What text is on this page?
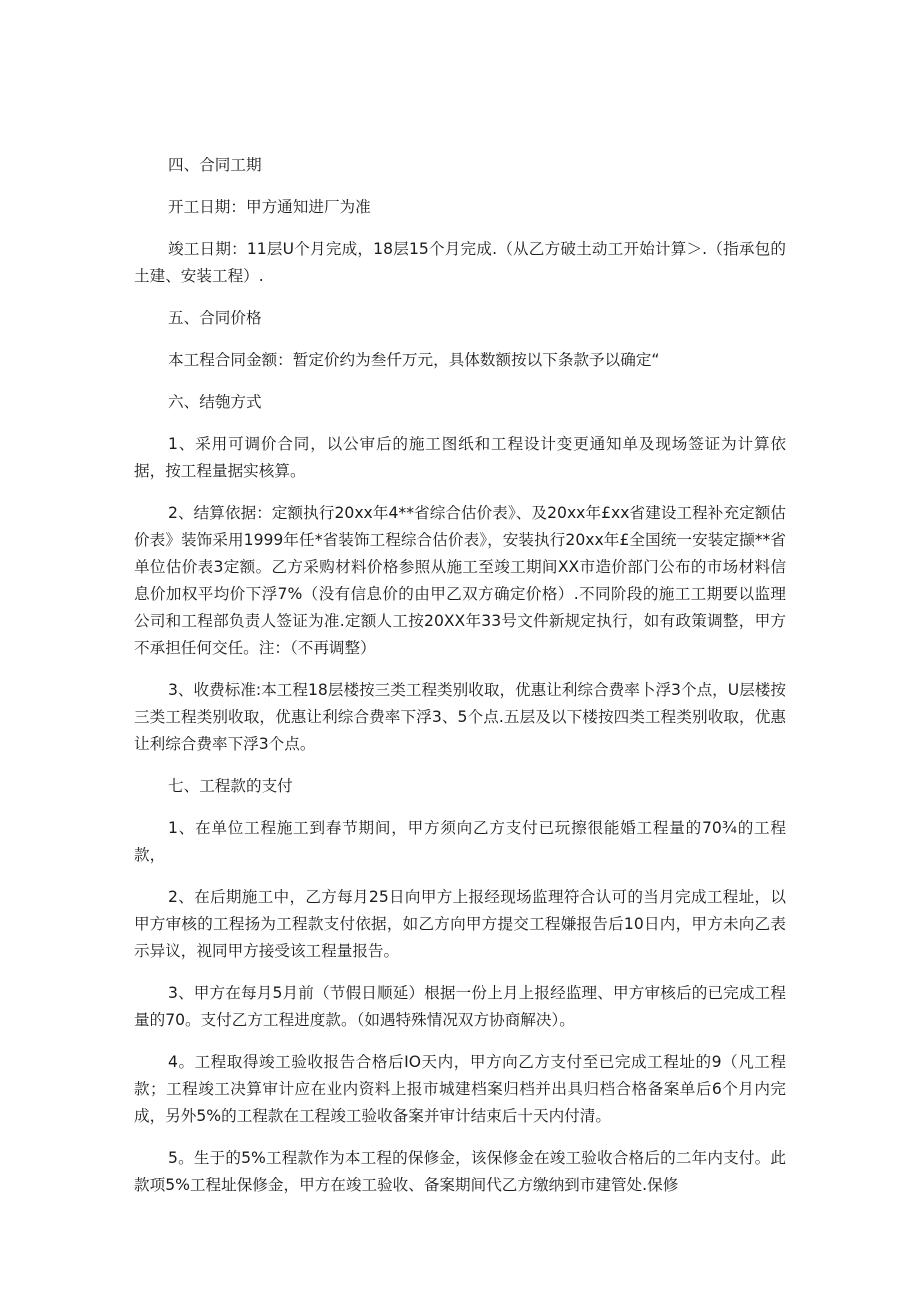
四、合同工期

开工日期：甲方通知进厂为准

竣工日期：11层U个月完成，18层15个月完成.（从乙方破土动工开始计算＞.（指承包的土建、安装工程）.

五、合同价格

本工程合同金额：暂定价约为叁仟万元，具体数额按以下条款予以确定“

六、结匏方式

1、采用可调价合同，以公审后的施工图纸和工程设计变更通知单及现场签证为计算依据，按工程量据实核算。

2、结算依据：定额执行20xx年4**省综合估价表》、及20xx年£xx省建设工程补充定额估价表》装饰采用1999年任*省装饰工程综合估价表》，安装执行20xx年£全国统一安装定撷**省单位估价表3定额。乙方采购材料价格参照从施工至竣工期间XX市造价部门公布的市场材料信息价加权平均价下浮7%（没有信息价的由甲乙双方确定价格）.不同阶段的施工工期要以监理公司和工程部负责人签证为准.定额人工按20XX年33号文件新规定执行，如有政策调整，甲方不承担任何交任。注：（不再调整）

3、收费标准:本工程18层楼按三类工程类别收取，优惠让利综合费率卜浮3个点，U层楼按三类工程类别收取，优惠让利综合费率下浮3、5个点.五层及以下楼按四类工程类别收取，优惠让利综合费率下浮3个点。

七、工程款的支付

1、在单位工程施工到春节期间，甲方须向乙方支付已玩擦很能婚工程量的70¾的工程款，

2、在后期施工中，乙方每月25日向甲方上报经现场监理符合认可的当月完成工程址，以甲方审核的工程扬为工程款支付依据，如乙方向甲方提交工程嫌报告后10日内，甲方未向乙表示异议，视同甲方接受该工程量报告。

3、甲方在每月5月前（节假日顺延）根据一份上月上报经监理、甲方审核后的已完成工程量的70。支付乙方工程进度款。（如遇特殊情况双方协商解决）。

4。工程取得竣工验收报告合格后IO天内，甲方向乙方支付至已完成工程址的9（凡工程款；工程竣工决算审计应在业内资料上报市城建档案归档并出具归档合格备案单后6个月内完成，另外5%的工程款在工程竣工验收备案并审计结束后十天内付清。

5。生于的5%工程款作为本工程的保修金，该保修金在竣工验收合格后的二年内支付。此款项5%工程址保修金，甲方在竣工验收、备案期间代乙方缴纳到市建管处.保修
